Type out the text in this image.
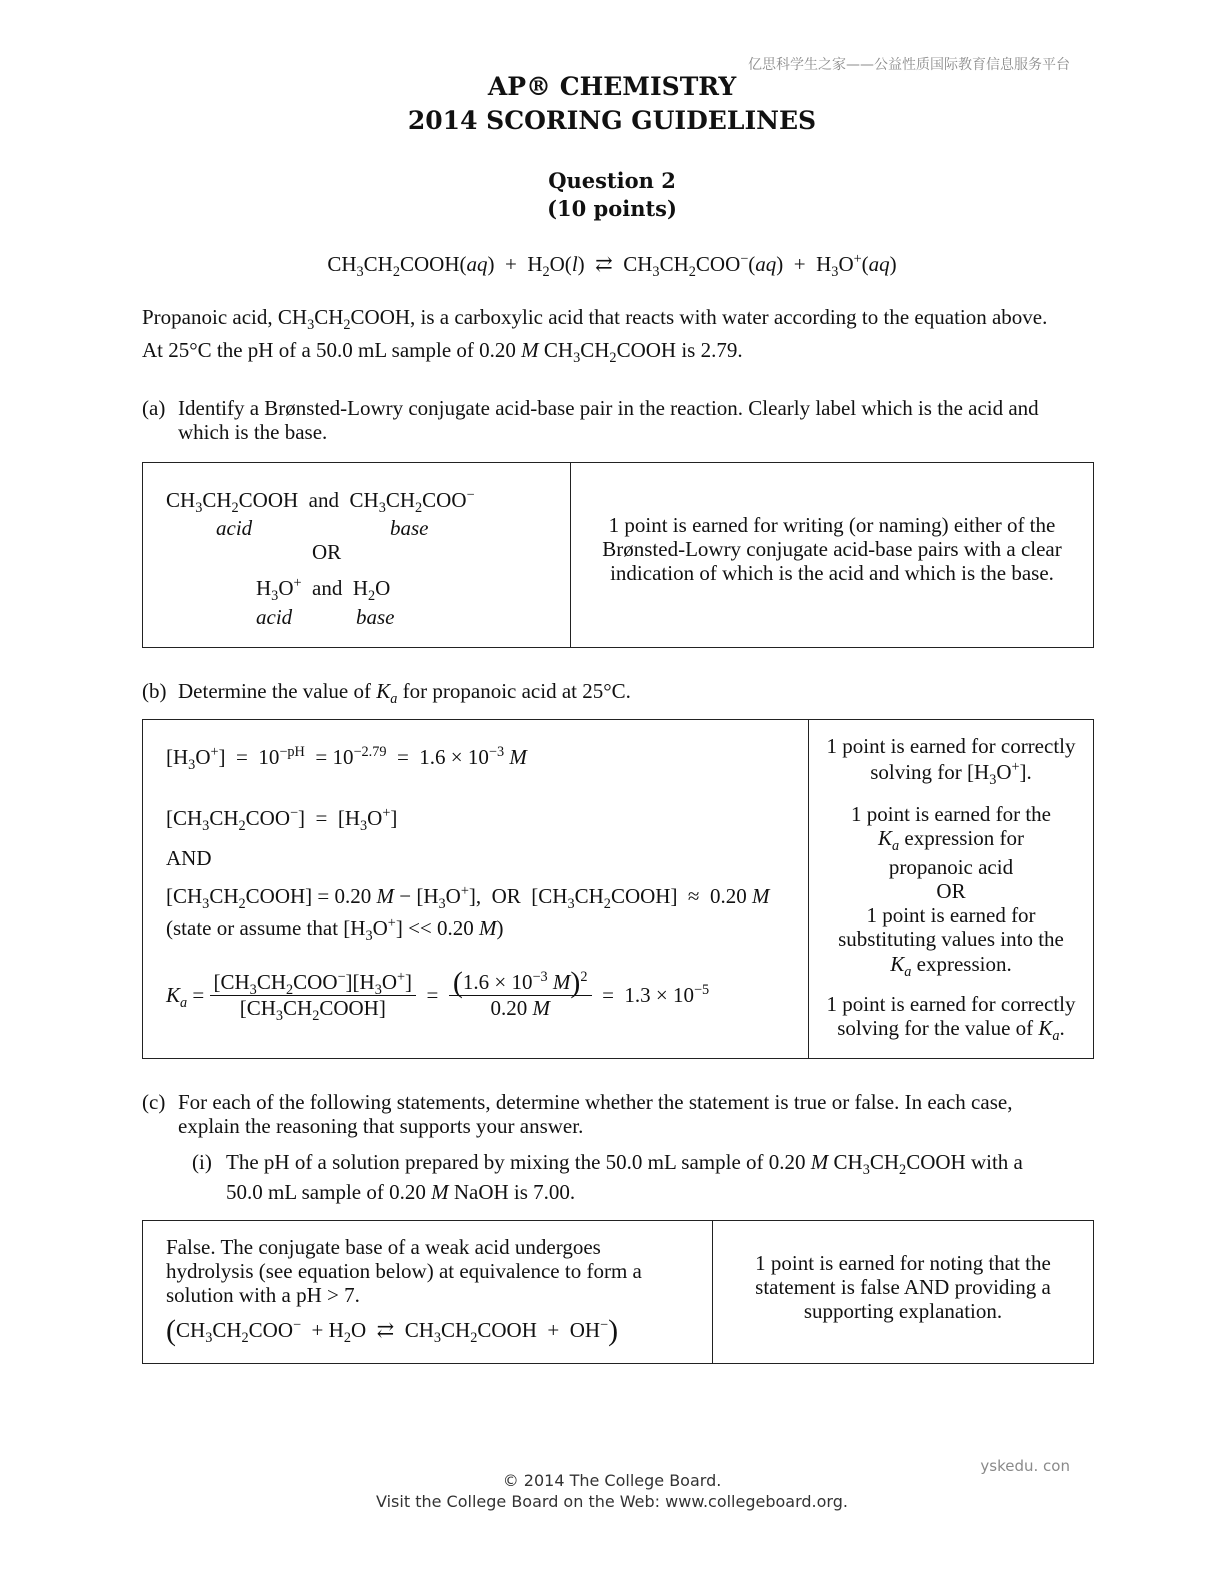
亿思科学生之家——公益性质国际教育信息服务平台
AP® CHEMISTRY
2014 SCORING GUIDELINES
Question 2
(10 points)
$CH_3CH_2COOH(aq) + H_2O(l)$  ⇄  $CH_3CH_2COO^-(aq) + H_3O^+(aq)$
Propanoic acid, $CH_3CH_2COOH$, is a carboxylic acid that reacts with water according to the equation above.
At 25°C the pH of a 50.0 mL sample of 0.20 M $CH_3CH_2COOH$ is 2.79.
(a) Identify a Brønsted-Lowry conjugate acid-base pair in the reaction. Clearly label which is the acid and
which is the base.
$CH_3CH_2COOH$  and  $CH_3CH_2COO^-$
acid	base
OR
$H_3O^+$ and  $H_2O$
acid	base
1 point is earned for writing (or naming) either of the
Brønsted-Lowry conjugate acid-base pairs with a clear
indication of which is the acid and which is the base.
(b) Determine the value of $K_a$ for propanoic acid at 25°C.
$[H_3O^+] = 10^{-pH} = 10^{-2.79} = 1.6 \times 10^{-3}$ M
$[CH_3CH_2COO^-] = [H_3O^+]$
AND
$[CH_3CH_2COOH] = 0.20$ $M - [H_3O^+]$,  OR  $[CH_3CH_2COOH] \approx 0.20$ M
(state or assume that $[H_3O^+] << 0.20$ M)
$K_a = \frac{[CH_3CH_2COO^-][H_3O^+]}{[CH_3CH_2COOH]} = \frac{(1.6 \times 10^{-3} M)^2}{0.20 M} = 1.3 \times 10^{-5}$
1 point is earned for correctly
solving for $[H_3O^+]$.
1 point is earned for the
$K_a$ expression for
propanoic acid
OR
1 point is earned for
substituting values into the
$K_a$ expression.
1 point is earned for correctly
solving for the value of $K_a$.
(c) For each of the following statements, determine whether the statement is true or false. In each case,
explain the reasoning that supports your answer.
(i) The pH of a solution prepared by mixing the 50.0 mL sample of 0.20 M $CH_3CH_2COOH$ with a
50.0 mL sample of 0.20 M NaOH is 7.00.
False. The conjugate base of a weak acid undergoes
hydrolysis (see equation below) at equivalence to form a
solution with a pH > 7.
($CH_3CH_2COO^- + H_2O$  ⇄  $CH_3CH_2COOH + OH^-$)
1 point is earned for noting that the
statement is false AND providing a
supporting explanation.
yskedu. con
© 2014 The College Board.
Visit the College Board on the Web: www.collegeboard.org.
